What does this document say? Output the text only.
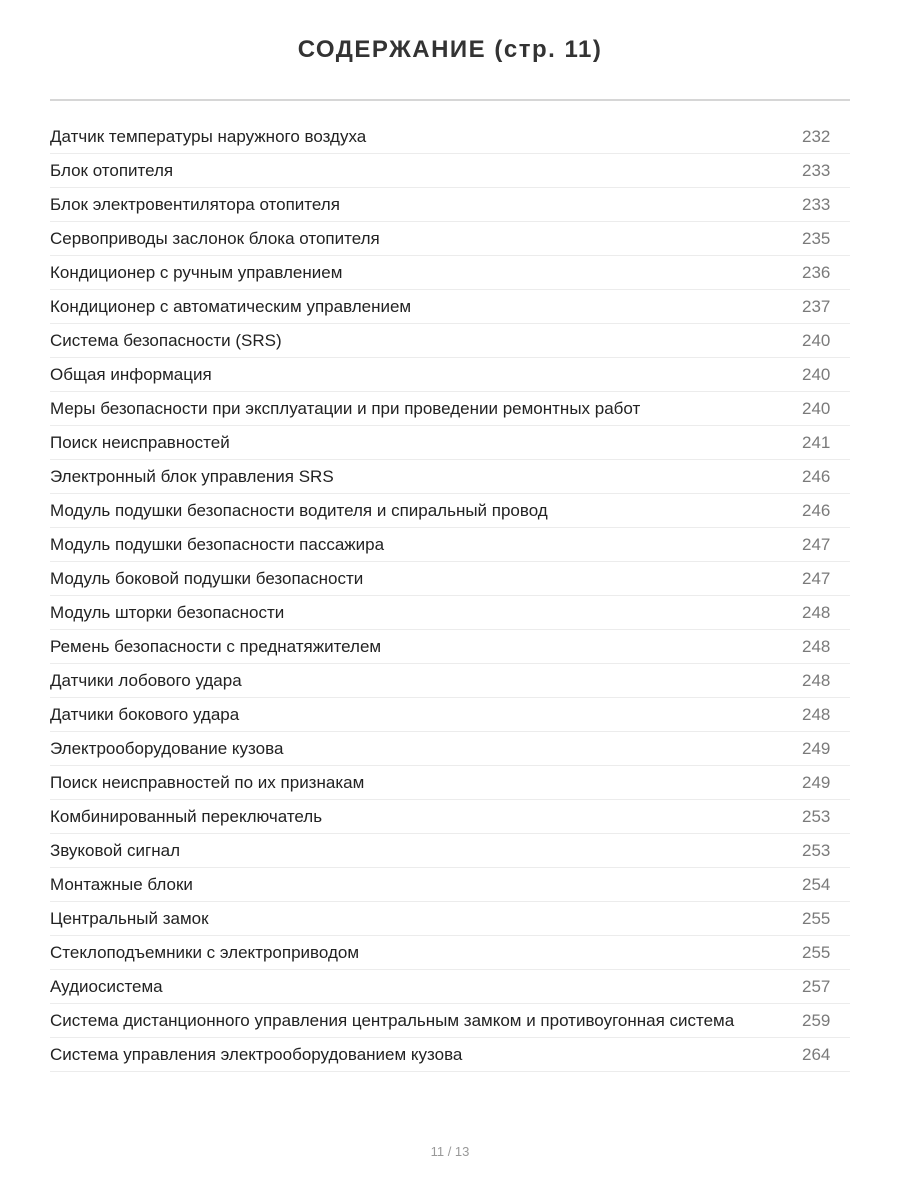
СОДЕРЖАНИЕ (стр. 11)
Датчик температуры наружного воздуха	232
Блок отопителя	233
Блок электровентилятора отопителя	233
Сервоприводы заслонок блока отопителя	235
Кондиционер с ручным управлением	236
Кондиционер с автоматическим управлением	237
Система безопасности (SRS)	240
Общая информация	240
Меры безопасности при эксплуатации и при проведении ремонтных работ	240
Поиск неисправностей	241
Электронный блок управления SRS	246
Модуль подушки безопасности водителя и спиральный провод	246
Модуль подушки безопасности пассажира	247
Модуль боковой подушки безопасности	247
Модуль шторки безопасности	248
Ремень безопасности с преднатяжителем	248
Датчики лобового удара	248
Датчики бокового удара	248
Электрооборудование кузова	249
Поиск неисправностей по их признакам	249
Комбинированный переключатель	253
Звуковой сигнал	253
Монтажные блоки	254
Центральный замок	255
Стеклоподъемники с электроприводом	255
Аудиосистема	257
Система дистанционного управления центральным замком и противоугонная система	259
Система управления электрооборудованием кузова	264
11 / 13
